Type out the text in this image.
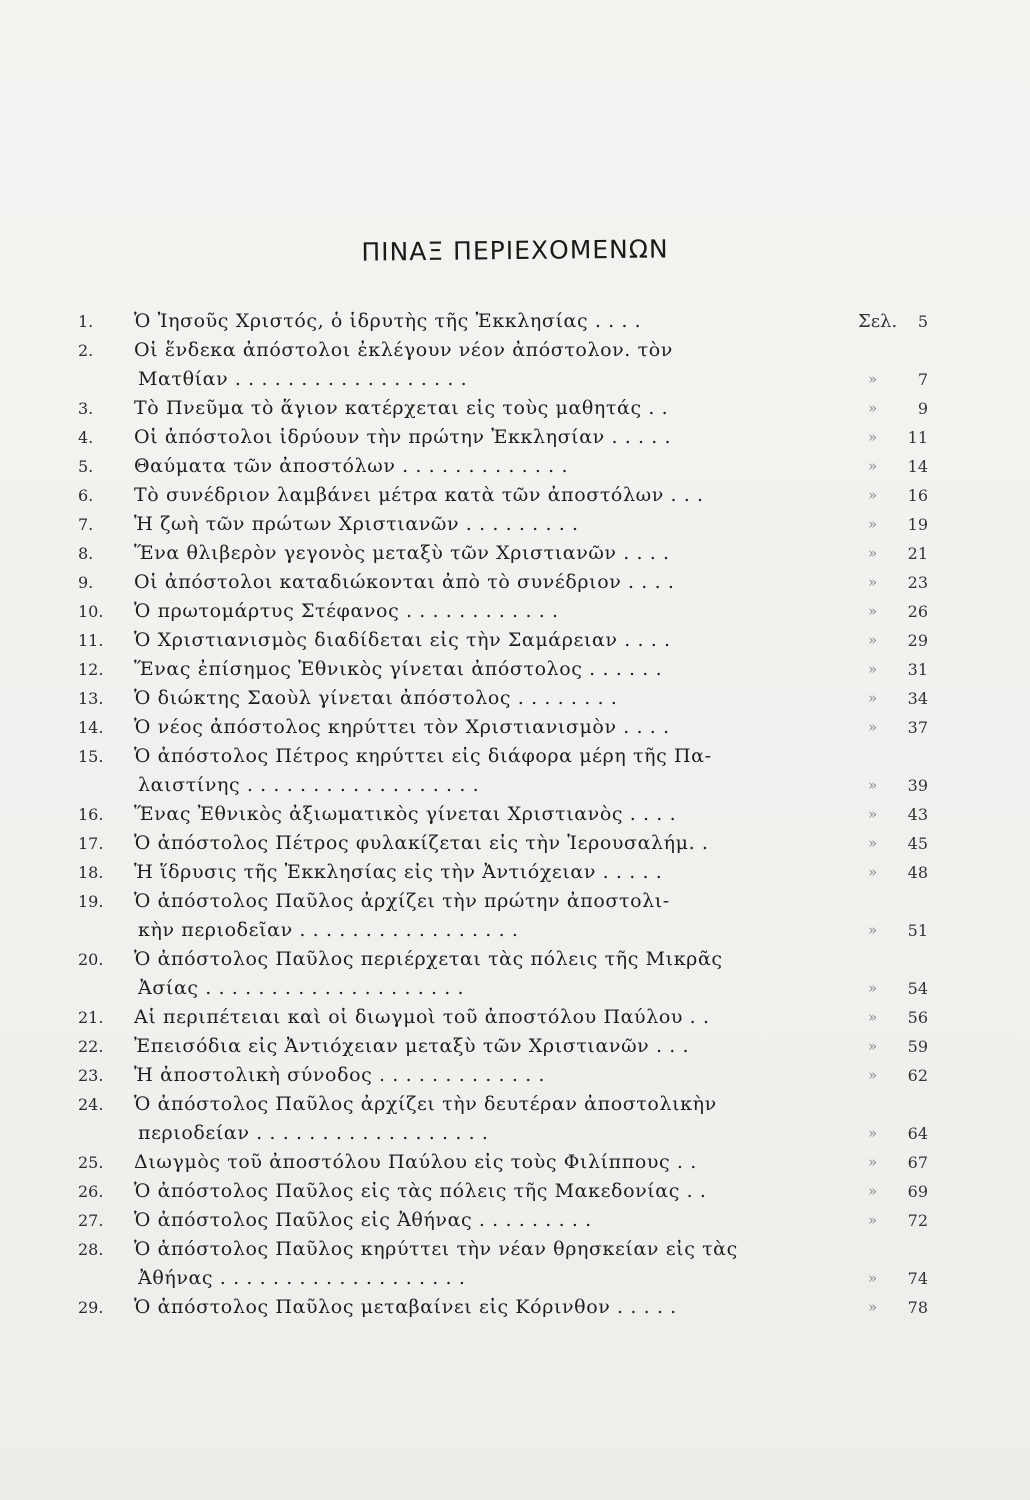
ΠΙΝΑΞ ΠΕΡΙΕΧΟΜΕΝΩΝ
1.	Ὁ Ἰησοῦς Χριστός, ὁ ἱδρυτὴς τῆς Ἐκκλησίας . . . .	Σελ.	5
2.	Οἱ ἕνδεκα ἀπόστολοι ἐκλέγουν νέον ἀπόστολον. τὸν
Ματθίαν . . . . . . . . . . . . . . . . . .	»	7
3.	Τὸ Πνεῦμα τὸ ἅγιον κατέρχεται εἰς τοὺς μαθητάς . .	»	9
4.	Οἱ ἀπόστολοι ἱδρύουν τὴν πρώτην Ἐκκλησίαν . . . . .	»	11
5.	Θαύματα τῶν ἀποστόλων . . . . . . . . . . . . .	»	14
6.	Τὸ συνέδριον λαμβάνει μέτρα κατὰ τῶν ἀποστόλων . . .	»	16
7.	Ἡ ζωὴ τῶν πρώτων Χριστιανῶν . . . . . . . . .	»	19
8.	Ἕνα θλιβερὸν γεγονὸς μεταξὺ τῶν Χριστιανῶν . . . .	»	21
9.	Οἱ ἀπόστολοι καταδιώκονται ἀπὸ τὸ συνέδριον . . . .	»	23
10.	Ὁ πρωτομάρτυς Στέφανος . . . . . . . . . . . .	»	26
11.	Ὁ Χριστιανισμὸς διαδίδεται εἰς τὴν Σαμάρειαν . . . .	»	29
12.	Ἕνας ἐπίσημος Ἐθνικὸς γίνεται ἀπόστολος . . . . . .	»	31
13.	Ὁ διώκτης Σαοὺλ γίνεται ἀπόστολος . . . . . . . .	»	34
14.	Ὁ νέος ἀπόστολος κηρύττει τὸν Χριστιανισμὸν . . . .	»	37
15.	Ὁ ἀπόστολος Πέτρος κηρύττει εἰς διάφορα μέρη τῆς Πα-
λαιστίνης . . . . . . . . . . . . . . . . . .	»	39
16.	Ἕνας Ἐθνικὸς ἀξιωματικὸς γίνεται Χριστιανὸς . . . .	»	43
17.	Ὁ ἀπόστολος Πέτρος φυλακίζεται εἰς τὴν Ἱερουσαλήμ. .	»	45
18.	Ἡ ἵδρυσις τῆς Ἐκκλησίας εἰς τὴν Ἀντιόχειαν . . . . .	»	48
19.	Ὁ ἀπόστολος Παῦλος ἀρχίζει τὴν πρώτην ἀποστολι-
κὴν περιοδεῖαν . . . . . . . . . . . . . . . . .	»	51
20.	Ὁ ἀπόστολος Παῦλος περιέρχεται τὰς πόλεις τῆς Μικρᾶς
Ἀσίας . . . . . . . . . . . . . . . . . . . .	»	54
21.	Αἱ περιπέτειαι καὶ οἱ διωγμοὶ τοῦ ἀποστόλου Παύλου . .	»	56
22.	Ἐπεισόδια εἰς Ἀντιόχειαν μεταξὺ τῶν Χριστιανῶν . . .	»	59
23.	Ἡ ἀποστολικὴ σύνοδος . . . . . . . . . . . . .	»	62
24.	Ὁ ἀπόστολος Παῦλος ἀρχίζει τὴν δευτέραν ἀποστολικὴν
περιοδείαν . . . . . . . . . . . . . . . . . .	»	64
25.	Διωγμὸς τοῦ ἀποστόλου Παύλου εἰς τοὺς Φιλίππους . .	»	67
26.	Ὁ ἀπόστολος Παῦλος εἰς τὰς πόλεις τῆς Μακεδονίας . .	»	69
27.	Ὁ ἀπόστολος Παῦλος εἰς Ἀθήνας . . . . . . . . .	»	72
28.	Ὁ ἀπόστολος Παῦλος κηρύττει τὴν νέαν θρησκείαν εἰς τὰς
Ἀθήνας . . . . . . . . . . . . . . . . . . .	»	74
29.	Ὁ ἀπόστολος Παῦλος μεταβαίνει εἰς Κόρινθον . . . . .	»	78
